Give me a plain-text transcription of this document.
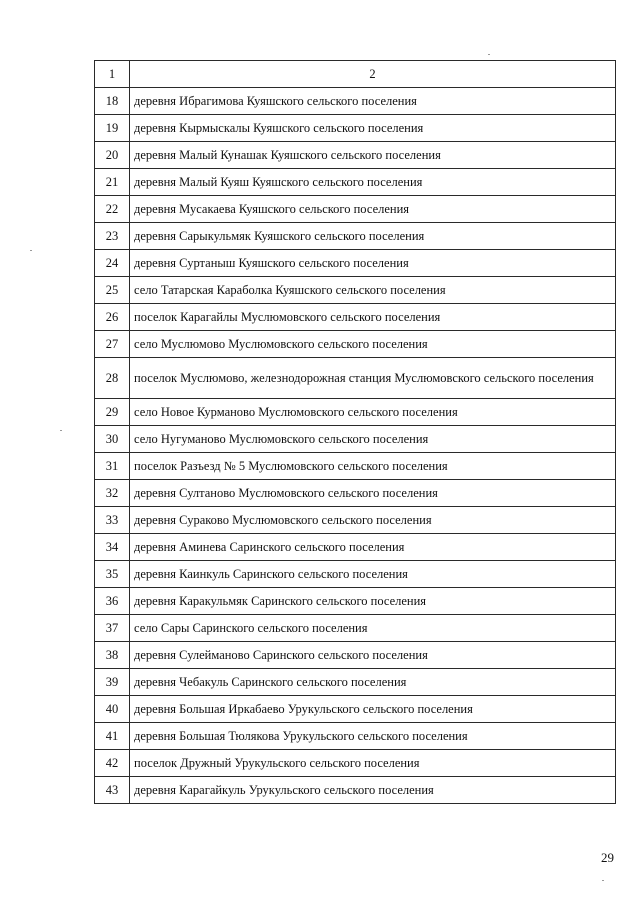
1	2
18	деревня Ибрагимова Куяшского сельского поселения
19	деревня Кырмыскалы Куяшского сельского поселения
20	деревня Малый Кунашак Куяшского сельского поселения
21	деревня Малый Куяш Куяшского сельского поселения
22	деревня Мусакаева Куяшского сельского поселения
23	деревня Сарыкульмяк Куяшского сельского поселения
24	деревня Суртаныш Куяшского сельского поселения
25	село Татарская Караболка Куяшского сельского поселения
26	поселок Карагайлы Муслюмовского сельского поселения
27	село Муслюмово Муслюмовского сельского поселения
28	поселок Муслюмово, железнодорожная станция Муслюмовского сельского поселения
29	село Новое Курманово Муслюмовского сельского поселения
30	село Нугуманово Муслюмовского сельского поселения
31	поселок Разъезд № 5 Муслюмовского сельского поселения
32	деревня Султаново Муслюмовского сельского поселения
33	деревня Сураково Муслюмовского сельского поселения
34	деревня Аминева Саринского сельского поселения
35	деревня Каинкуль Саринского сельского поселения
36	деревня Каракульмяк Саринского сельского поселения
37	село Сары Саринского сельского поселения
38	деревня Сулейманово Саринского сельского поселения
39	деревня Чебакуль Саринского сельского поселения
40	деревня Большая Иркабаево Урукульского сельского поселения
41	деревня Большая Тюлякова Урукульского сельского поселения
42	поселок Дружный Урукульского сельского поселения
43	деревня Карагайкуль Урукульского сельского поселения
29
